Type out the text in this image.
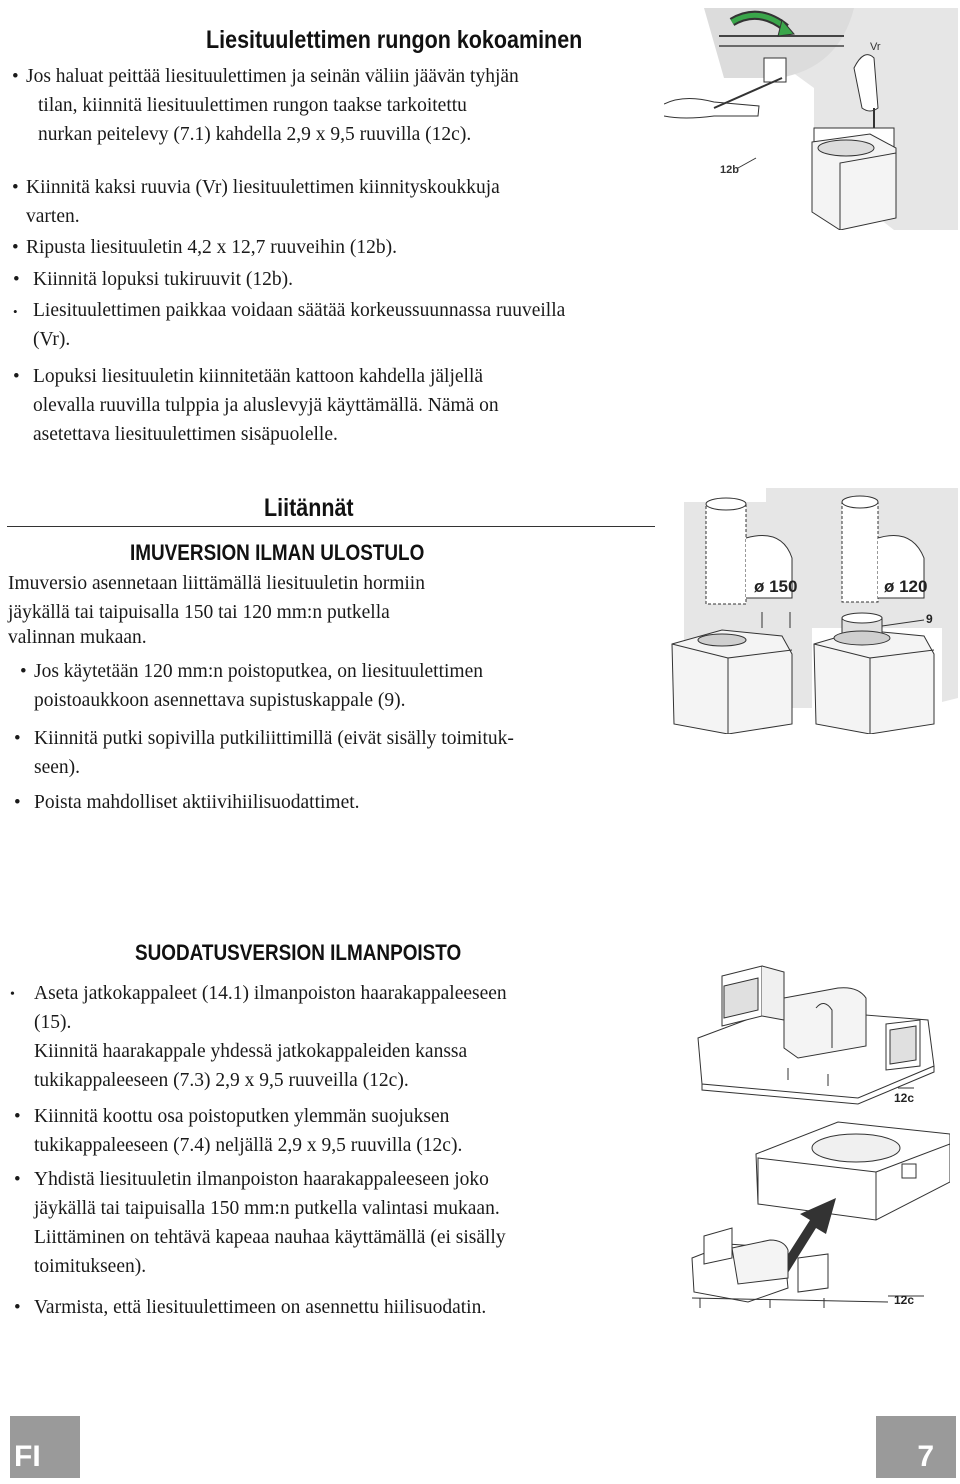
Liesituulettimen rungon kokoaminen
• Jos haluat peittää liesituulettimen ja seinän väliin jäävän tyhjän
tilan, kiinnitä liesituulettimen rungon taakse tarkoitettu
nurkan peitelevy (7.1) kahdella 2,9 x 9,5 ruuvilla (12c).
• Kiinnitä kaksi ruuvia (Vr) liesituulettimen kiinnityskoukkuja
varten.
• Ripusta liesituuletin 4,2 x 12,7 ruuveihin (12b).
• Kiinnitä lopuksi tukiruuvit (12b).
• Liesituulettimen paikkaa voidaan säätää korkeussuunnassa ruuveilla
(Vr).
• Lopuksi liesituuletin kiinnitetään kattoon kahdella jäljellä
olevalla ruuvilla tulppia ja aluslevyjä käyttämällä. Nämä on
asetettava liesituulettimen sisäpuolelle.
Vr
12b
Liitännät
IMUVERSION ILMAN ULOSTULO
Imuversio asennetaan liittämällä liesituuletin hormiin
jäykällä tai taipuisalla 150 tai 120 mm:n putkella
valinnan mukaan.
• Jos käytetään 120 mm:n poistoputkea, on liesituulettimen
poistoaukkoon asennettava supistuskappale (9).
• Kiinnitä putki sopivilla putkiliittimillä (eivät sisälly toimituk-
seen).
• Poista mahdolliset aktiivihiilisuodattimet.
ø 150	ø 120
9
SUODATUSVERSION ILMANPOISTO
• Aseta jatkokappaleet (14.1) ilmanpoiston haarakappaleeseen
(15).
Kiinnitä haarakappale yhdessä jatkokappaleiden kanssa
tukikappaleeseen (7.3) 2,9 x 9,5 ruuveilla (12c).
• Kiinnitä koottu osa poistoputken ylemmän suojuksen
tukikappaleeseen (7.4) neljällä 2,9 x 9,5 ruuvilla (12c).
• Yhdistä liesituuletin ilmanpoiston haarakappaleeseen joko
jäykällä tai taipuisalla 150 mm:n putkella valintasi mukaan.
Liittäminen on tehtävä kapeaa nauhaa käyttämällä (ei sisälly
toimitukseen).
• Varmista, että liesituulettimeen on asennettu hiilisuodatin.
12c
12c
FI	7
